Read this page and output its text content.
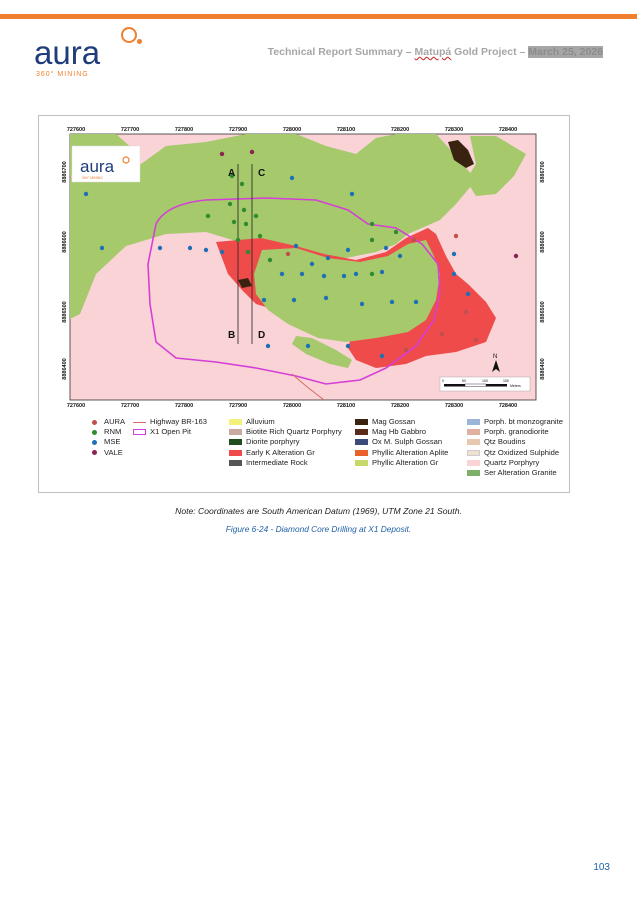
aura
360° MINING
Technical Report Summary – Matupá Gold Project – March 25, 2026
aura
360° MINING	A C
B D
N
0	50	100	150
Meters
727600	727700	727800	727900	728000	728100	728200	728300	728400
727600	727700	727800	727900	728000	728100	728200	728300	728400
8886700
8886600
8886500
8886400
8886700
8886600
8886500
8886400
AURA
RNM
MSE
VALE
Highway BR-163
X1 Open Pit
Alluvium
Biotite Rich Quartz Porphyry
Diorite porphyry
Early K Alteration Gr
Intermediate Rock
Mag Gossan
Mag Hb Gabbro
Ox M. Sulph Gossan
Phyllic Alteration Aplite
Phyllic Alteration Gr
Porph. bt monzogranite
Porph. granodiorite
Qtz Boudins
Qtz Oxidized Sulphide
Quartz Porphyry
Ser Alteration Granite
Note: Coordinates are South American Datum (1969), UTM Zone 21 South.
Figure 6-24 - Diamond Core Drilling at X1 Deposit.
103
